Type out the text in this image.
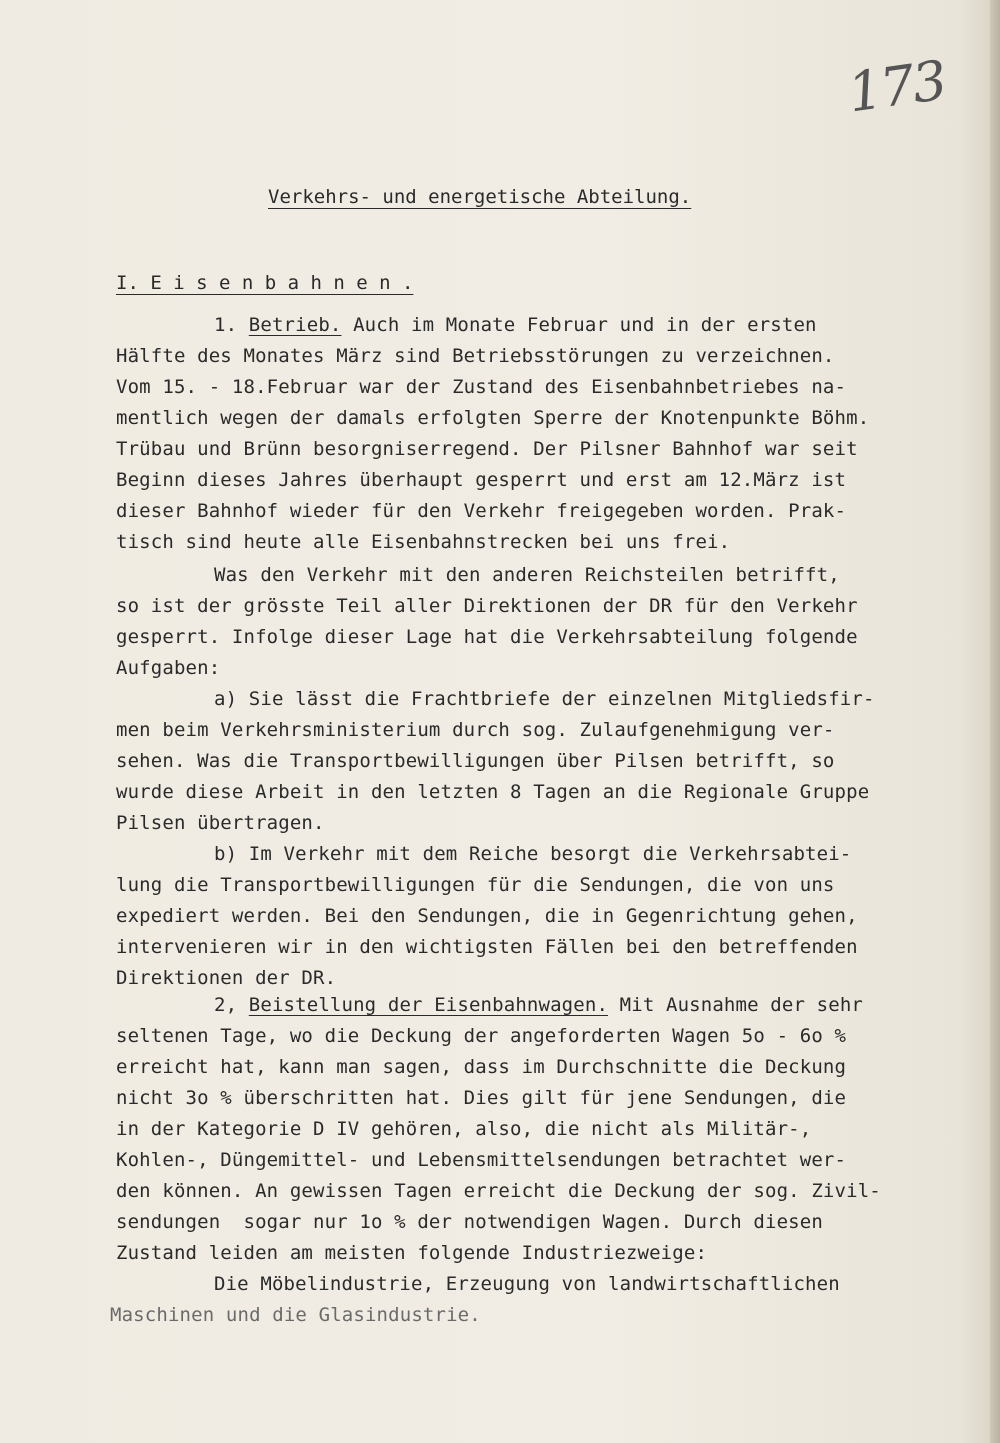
173
Verkehrs- und energetische Abteilung.
I. E i s e n b a h n e n .
1. Betrieb. Auch im Monate Februar und in der ersten
Hälfte des Monates März sind Betriebsstörungen zu verzeichnen.
Vom 15. - 18.Februar war der Zustand des Eisenbahnbetriebes na-
mentlich wegen der damals erfolgten Sperre der Knotenpunkte Böhm.
Trübau und Brünn besorgniserregend. Der Pilsner Bahnhof war seit
Beginn dieses Jahres überhaupt gesperrt und erst am 12.März ist
dieser Bahnhof wieder für den Verkehr freigegeben worden. Prak-
tisch sind heute alle Eisenbahnstrecken bei uns frei.
Was den Verkehr mit den anderen Reichsteilen betrifft,
so ist der grösste Teil aller Direktionen der DR für den Verkehr
gesperrt. Infolge dieser Lage hat die Verkehrsabteilung folgende
Aufgaben:
a) Sie lässt die Frachtbriefe der einzelnen Mitgliedsfir-
men beim Verkehrsministerium durch sog. Zulaufgenehmigung ver-
sehen. Was die Transportbewilligungen über Pilsen betrifft, so
wurde diese Arbeit in den letzten 8 Tagen an die Regionale Gruppe
Pilsen übertragen.
b) Im Verkehr mit dem Reiche besorgt die Verkehrsabtei-
lung die Transportbewilligungen für die Sendungen, die von uns
expediert werden. Bei den Sendungen, die in Gegenrichtung gehen,
intervenieren wir in den wichtigsten Fällen bei den betreffenden
Direktionen der DR.
2, Beistellung der Eisenbahnwagen. Mit Ausnahme der sehr
seltenen Tage, wo die Deckung der angeforderten Wagen 5o - 6o %
erreicht hat, kann man sagen, dass im Durchschnitte die Deckung
nicht 3o % überschritten hat. Dies gilt für jene Sendungen, die
in der Kategorie D IV gehören, also, die nicht als Militär-,
Kohlen-, Düngemittel- und Lebensmittelsendungen betrachtet wer-
den können. An gewissen Tagen erreicht die Deckung der sog. Zivil-
sendungen  sogar nur 1o % der notwendigen Wagen. Durch diesen
Zustand leiden am meisten folgende Industriezweige:
Die Möbelindustrie, Erzeugung von landwirtschaftlichen
Maschinen und die Glasindustrie.
